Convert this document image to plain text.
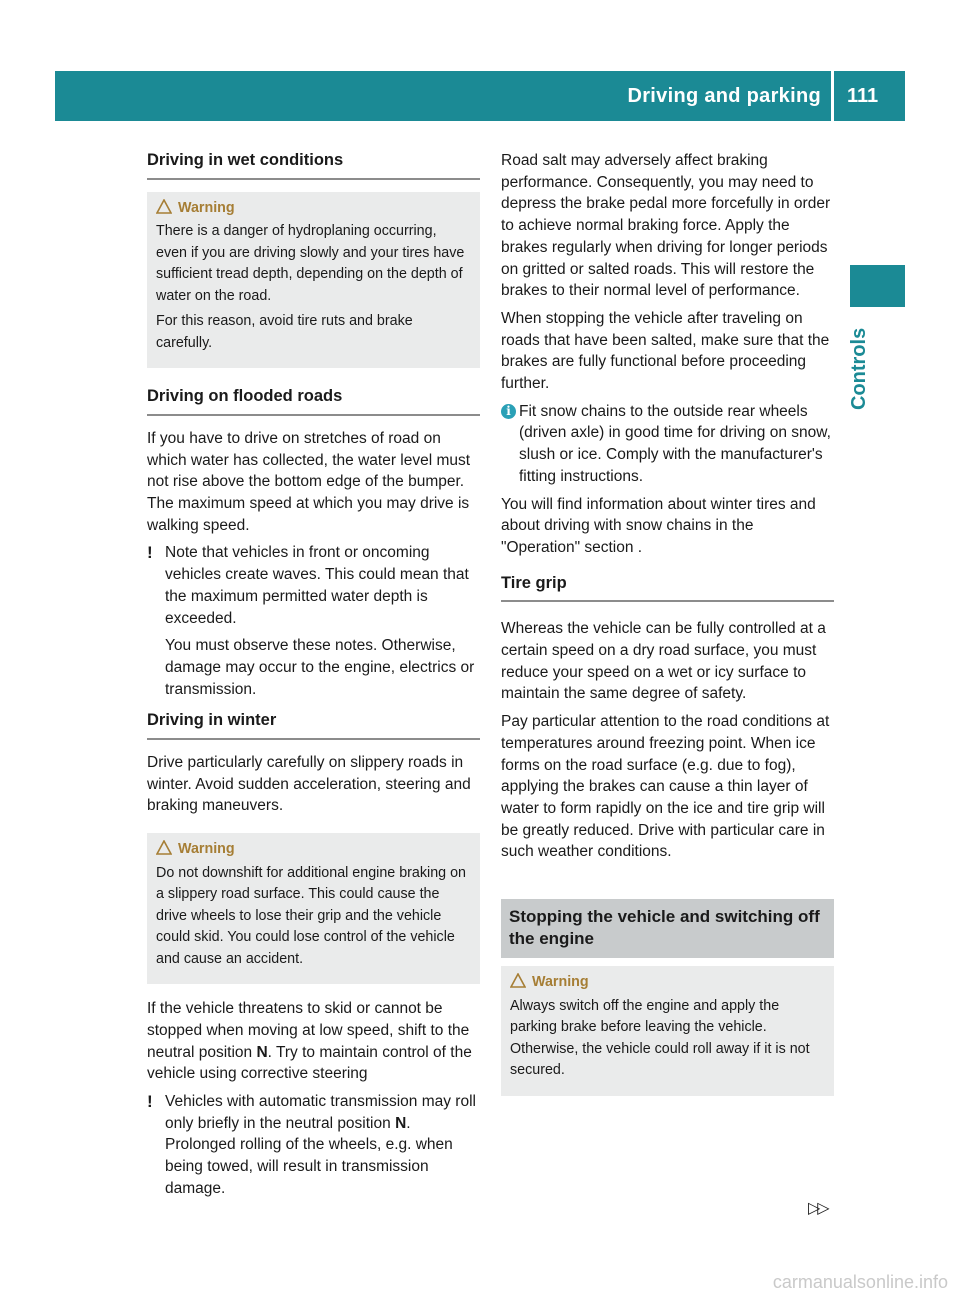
Driving and parking 111
Controls
Driving in wet conditions
Warning

There is a danger of hydroplaning occurring, even if you are driving slowly and your tires have sufficient tread depth, depending on the depth of water on the road.

For this reason, avoid tire ruts and brake carefully.

Driving on flooded roads

If you have to drive on stretches of road on which water has collected, the water level must not rise above the bottom edge of the bumper. The maximum speed at which you may drive is walking speed.

! Note that vehicles in front or oncoming vehicles create waves. This could mean that the maximum permitted water depth is exceeded.

You must observe these notes. Otherwise, damage may occur to the engine, electrics or transmission.

Driving in winter

Drive particularly carefully on slippery roads in winter. Avoid sudden acceleration, steering and braking maneuvers.

Warning

Do not downshift for additional engine braking on a slippery road surface. This could cause the drive wheels to lose their grip and the vehicle could skid. You could lose control of the vehicle and cause an accident.

If the vehicle threatens to skid or cannot be stopped when moving at low speed, shift to the neutral position N. Try to maintain control of the vehicle using corrective steering

! Vehicles with automatic transmission may roll only briefly in the neutral position N. Prolonged rolling of the wheels, e.g. when being towed, will result in transmission damage.

Road salt may adversely affect braking performance. Consequently, you may need to depress the brake pedal more forcefully in order to achieve normal braking force. Apply the brakes regularly when driving for longer periods on gritted or salted roads. This will restore the brakes to their normal level of performance.

When stopping the vehicle after traveling on roads that have been salted, make sure that the brakes are fully functional before proceeding further.

i Fit snow chains to the outside rear wheels (driven axle) in good time for driving on snow, slush or ice. Comply with the manufacturer's fitting instructions.

You will find information about winter tires and about driving with snow chains in the "Operation" section .

Tire grip

Whereas the vehicle can be fully controlled at a certain speed on a dry road surface, you must reduce your speed on a wet or icy surface to maintain the same degree of safety.

Pay particular attention to the road conditions at temperatures around freezing point. When ice forms on the road surface (e.g. due to fog), applying the brakes can cause a thin layer of water to form rapidly on the ice and tire grip will be greatly reduced. Drive with particular care in such weather conditions.

Stopping the vehicle and switching off the engine
Warning

Always switch off the engine and apply the parking brake before leaving the vehicle. Otherwise, the vehicle could roll away if it is not secured.

▷▷
carmanualsonline.info
